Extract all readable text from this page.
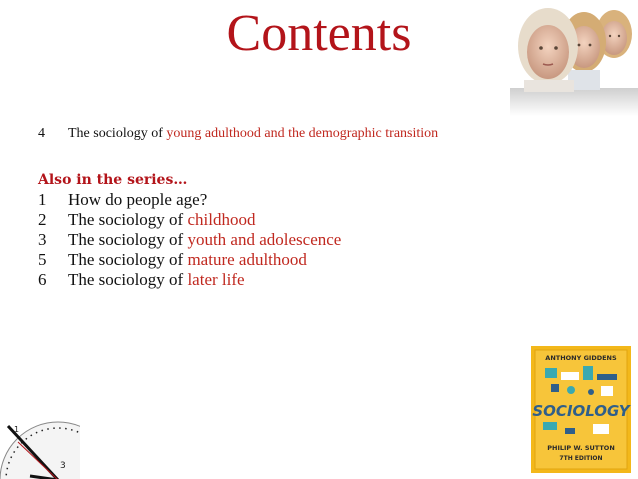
Contents
4 The sociology of young adulthood and the demographic transition
Also in the series…
1 How do people age?
2 The sociology of childhood
3 The sociology of youth and adolescence
5 The sociology of mature adulthood
6 The sociology of later life
3
1
ANTHONY GIDDENS
SOCIOLOGY
PHILIP W. SUTTON
7TH EDITION
